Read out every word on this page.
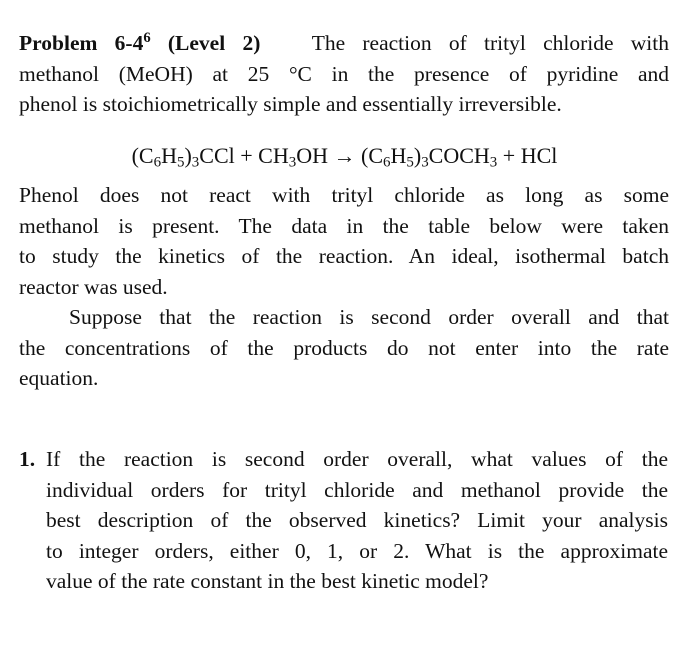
Problem $6-4^6$ (Level 2) The reaction of trityl chloride with
methanol (MeOH) at 25 °C in the presence of pyridine and
phenol is stoichiometrically simple and essentially irreversible.
$(C_6H_5)_3CCl + CH_3OH$ → $(C_6H_5)_3COCH_3$ + HCl
Phenol does not react with trityl chloride as long as some
methanol is present. The data in the table below were taken
to study the kinetics of the reaction. An ideal, isothermal batch
reactor was used.
Suppose that the reaction is second order overall and that
the concentrations of the products do not enter into the rate
equation.
1. If the reaction is second order overall, what values of the
individual orders for trityl chloride and methanol provide the
best description of the observed kinetics? Limit your analysis
to integer orders, either 0, 1, or 2. What is the approximate
value of the rate constant in the best kinetic model?
